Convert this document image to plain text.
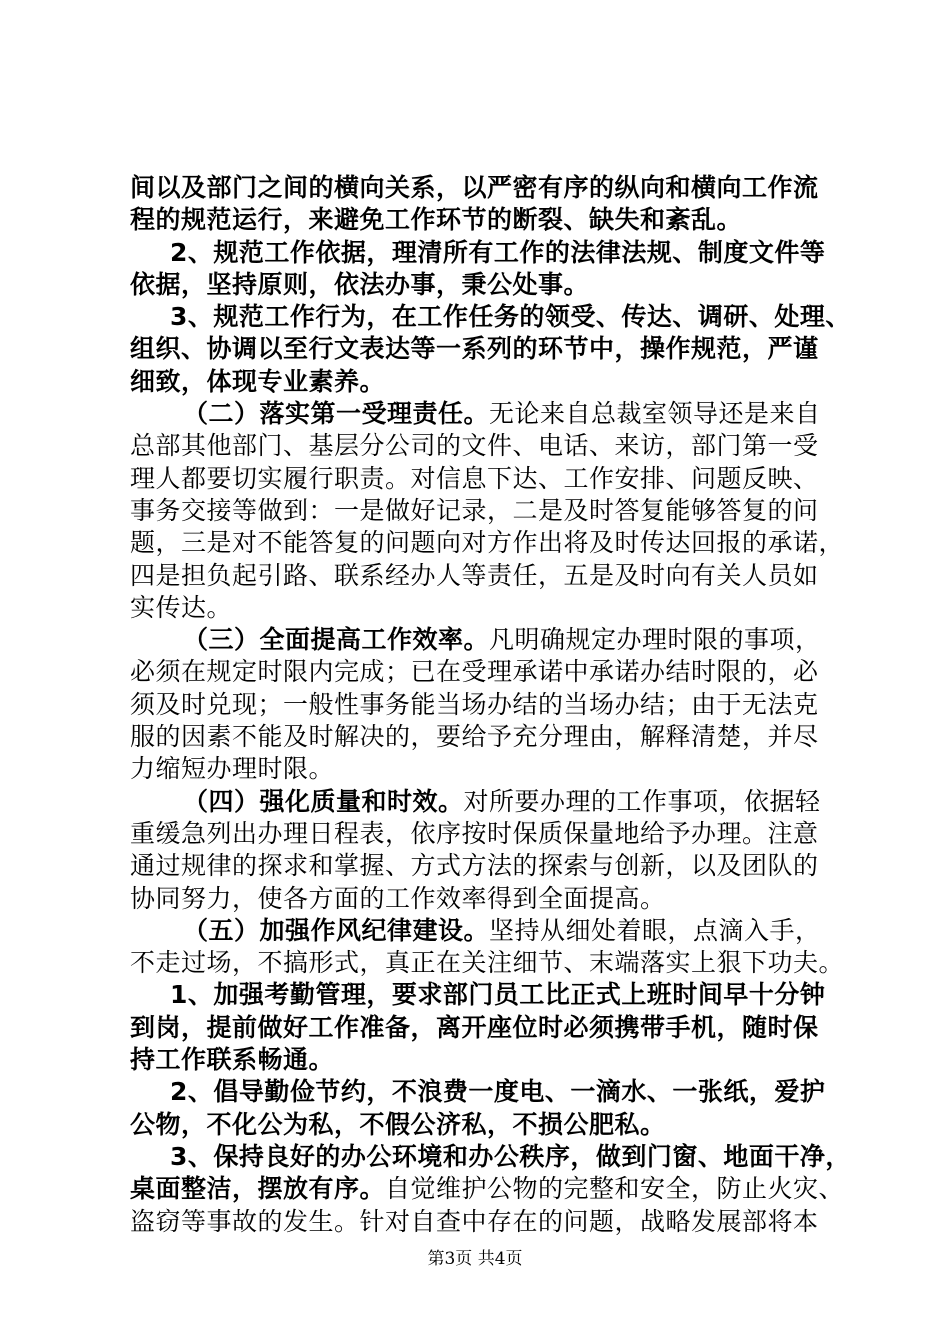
间以及部门之间的横向关系，以严密有序的纵向和横向工作流
程的规范运行，来避免工作环节的断裂、缺失和紊乱。
2、规范工作依据，理清所有工作的法律法规、制度文件等
依据，坚持原则，依法办事，秉公处事。
3、规范工作行为，在工作任务的领受、传达、调研、处理、
组织、协调以至行文表达等一系列的环节中，操作规范，严谨
细致，体现专业素养。
（二）落实第一受理责任。无论来自总裁室领导还是来自
总部其他部门、基层分公司的文件、电话、来访，部门第一受
理人都要切实履行职责。对信息下达、工作安排、问题反映、
事务交接等做到：一是做好记录，二是及时答复能够答复的问
题，三是对不能答复的问题向对方作出将及时传达回报的承诺，
四是担负起引路、联系经办人等责任，五是及时向有关人员如
实传达。
（三）全面提高工作效率。凡明确规定办理时限的事项，
必须在规定时限内完成；已在受理承诺中承诺办结时限的，必
须及时兑现；一般性事务能当场办结的当场办结；由于无法克
服的因素不能及时解决的，要给予充分理由，解释清楚，并尽
力缩短办理时限。
（四）强化质量和时效。对所要办理的工作事项，依据轻
重缓急列出办理日程表，依序按时保质保量地给予办理。注意
通过规律的探求和掌握、方式方法的探索与创新，以及团队的
协同努力，使各方面的工作效率得到全面提高。
（五）加强作风纪律建设。坚持从细处着眼，点滴入手，
不走过场，不搞形式，真正在关注细节、末端落实上狠下功夫。
1、加强考勤管理，要求部门员工比正式上班时间早十分钟
到岗，提前做好工作准备，离开座位时必须携带手机，随时保
持工作联系畅通。
2、倡导勤俭节约，不浪费一度电、一滴水、一张纸，爱护
公物，不化公为私，不假公济私，不损公肥私。
3、保持良好的办公环境和办公秩序，做到门窗、地面干净，
桌面整洁，摆放有序。自觉维护公物的完整和安全，防止火灾、
盗窃等事故的发生。针对自查中存在的问题，战略发展部将本
第3页 共4页
